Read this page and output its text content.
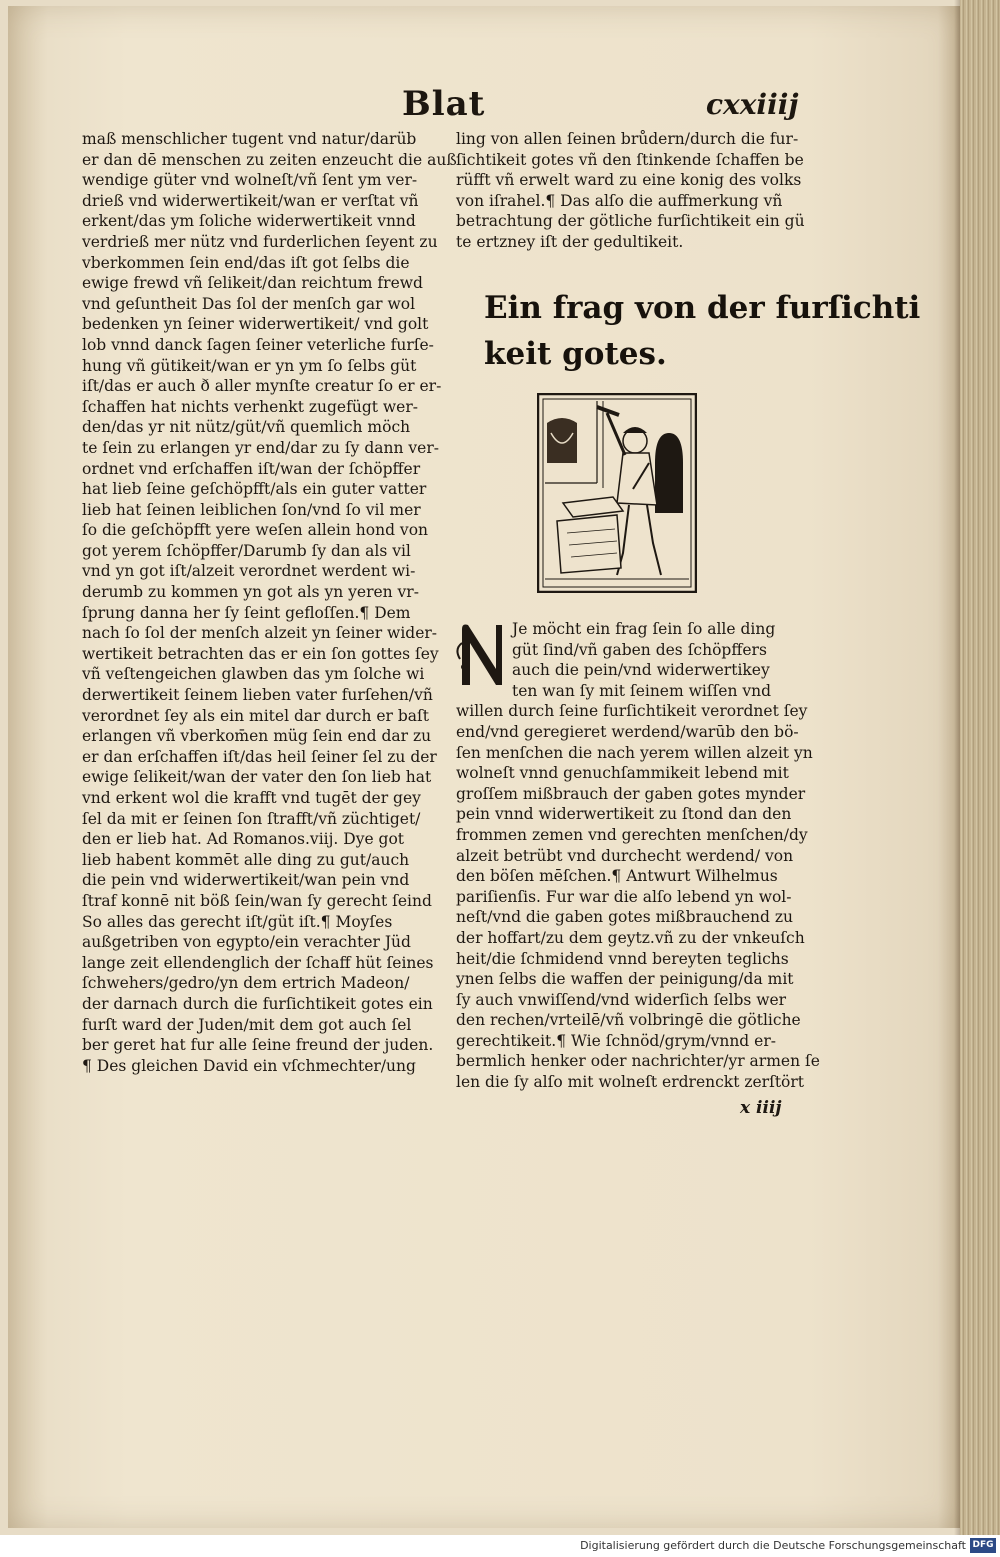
Blat	cxxiiij
maß menschlicher tugent vnd natur/darüb
er dan dē menschen zu zeiten enzeucht die auß
wendige güter vnd wolneſt/vñ ſent ym ver-
drieß vnd widerwertikeit/wan er verſtat vñ
erkent/das ym ſoliche widerwertikeit vnnd
verdrieß mer nütz vnd furderlichen ſeyent zu
vberkommen ſein end/das iſt got ſelbs die
ewige frewd vñ ſelikeit/dan reichtum frewd
vnd geſuntheit Das ſol der menſch gar wol
bedenken yn ſeiner widerwertikeit/ vnd golt
lob vnnd danck ſagen ſeiner veterliche furſe-
hung vñ gütikeit/wan er yn ym ſo ſelbs güt
iſt/das er auch ð aller mynſte creatur ſo er er-
ſchaffen hat nichts verhenkt zugefügt wer-
den/das yr nit nütz/güt/vñ quemlich möch
te ſein zu erlangen yr end/dar zu ſy dann ver-
ordnet vnd erſchaffen iſt/wan der ſchöpffer
hat lieb ſeine geſchöpfft/als ein guter vatter
lieb hat ſeinen leiblichen ſon/vnd ſo vil mer
ſo die geſchöpfft yere weſen allein hond von
got yerem ſchöpffer/Darumb ſy dan als vil
vnd yn got iſt/alzeit verordnet werdent wi-
derumb zu kommen yn got als yn yeren vr-
ſprung danna her ſy ſeint gefloſſen.¶ Dem
nach ſo ſol der menſch alzeit yn ſeiner wider-
wertikeit betrachten das er ein ſon gottes ſey
vñ veſtengeichen glawben das ym ſolche wi
derwertikeit ſeinem lieben vater furſehen/vñ
verordnet ſey als ein mitel dar durch er baſt
erlangen vñ vberkom̄en müg ſein end dar zu
er dan erſchaffen iſt/das heil ſeiner ſel zu der
ewige ſelikeit/wan der vater den ſon lieb hat
vnd erkent wol die krafft vnd tugēt der gey
ſel da mit er ſeinen ſon ſtrafft/vñ züchtiget/
den er lieb hat. Ad Romanos.viij. Dye got
lieb habent kommēt alle ding zu gut/auch
die pein vnd widerwertikeit/wan pein vnd
ſtraf konnē nit böß ſein/wan ſy gerecht ſeind
So alles das gerecht iſt/güt iſt.¶ Moyſes
außgetriben von egypto/ein verachter Jüd
lange zeit ellendenglich der ſchaff hüt ſeines
ſchwehers/gedro/yn dem ertrich Madeon/
der darnach durch die furſichtikeit gotes ein
furſt ward der Juden/mit dem got auch ſel
ber geret hat fur alle ſeine freund der juden.
¶ Des gleichen David ein vſchmechter/ung
ling von allen ſeinen brůdern/durch die fur-
ſichtikeit gotes vñ den ſtinkende ſchaffen be
rüfft vñ erwelt ward zu eine konig des volks
von iſrahel.¶ Das alſo die auffmerkung vñ
betrachtung der götliche furſichtikeit ein gü
te ertzney iſt der gedultikeit.
Ein frag von der furſichti
keit gotes.
Je möcht ein frag ſein ſo alle ding
güt ſind/vñ gaben des ſchöpffers
auch die pein/vnd widerwertikey
ten wan ſy mit ſeinem wiſſen vnd
willen durch ſeine furſichtikeit verordnet ſey
end/vnd geregieret werdend/warūb den bö-
ſen menſchen die nach yerem willen alzeit yn
wolneſt vnnd genuchſammikeit lebend mit
groſſem mißbrauch der gaben gotes mynder
pein vnnd widerwertikeit zu ſtond dan den
frommen zemen vnd gerechten menſchen/dy
alzeit betrübt vnd durchecht werdend/ von
den böſen mēſchen.¶ Antwurt Wilhelmus
pariſienſis. Fur war die alſo lebend yn wol-
neſt/vnd die gaben gotes mißbrauchend zu
der hoffart/zu dem geytz.vñ zu der vnkeuſch
heit/die ſchmidend vnnd bereyten teglichs
ynen ſelbs die waffen der peinigung/da mit
ſy auch vnwiſſend/vnd widerſich ſelbs wer
den rechen/vrteilē/vñ volbringē die götliche
gerechtikeit.¶ Wie ſchnöd/grym/vnnd er-
bermlich henker oder nachrichter/yr armen ſe
len die ſy alſo mit wolneſt erdrenckt zerſtört
x iiij
Digitalisierung gefördert durch die Deutsche Forschungsgemeinschaft DFG
